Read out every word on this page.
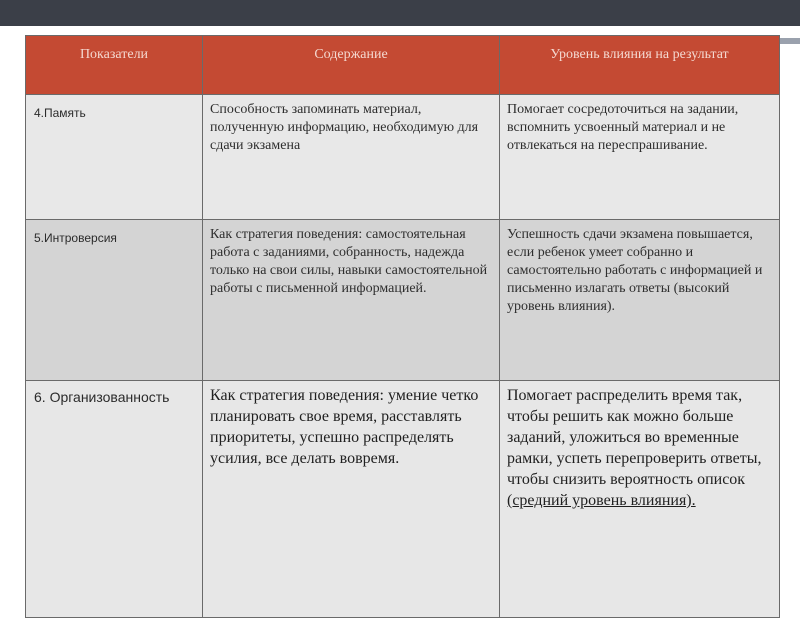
Показатели	Содержание	Уровень влияния на результат
4.Память	Способность запоминать материал, полученную информацию, необходимую для сдачи экзамена	Помогает сосредоточиться на задании, вспомнить усвоенный материал и не отвлекаться на переспрашивание.
5.Интроверсия	Как стратегия поведения: самостоятельная работа с заданиями, собранность, надежда только на свои силы, навыки самостоятельной работы с письменной информацией.	Успешность сдачи экзамена повышается, если ребенок умеет собранно и самостоятельно работать с информацией и письменно излагать ответы (высокий уровень влияния).
6. Организованность	Как стратегия поведения: умение четко планировать свое время, расставлять приоритеты, успешно распределять усилия, все делать вовремя.	Помогает распределить время так, чтобы решить как можно больше заданий, уложиться во временные рамки, успеть перепроверить ответы, чтобы снизить вероятность описок (средний уровень влияния).
